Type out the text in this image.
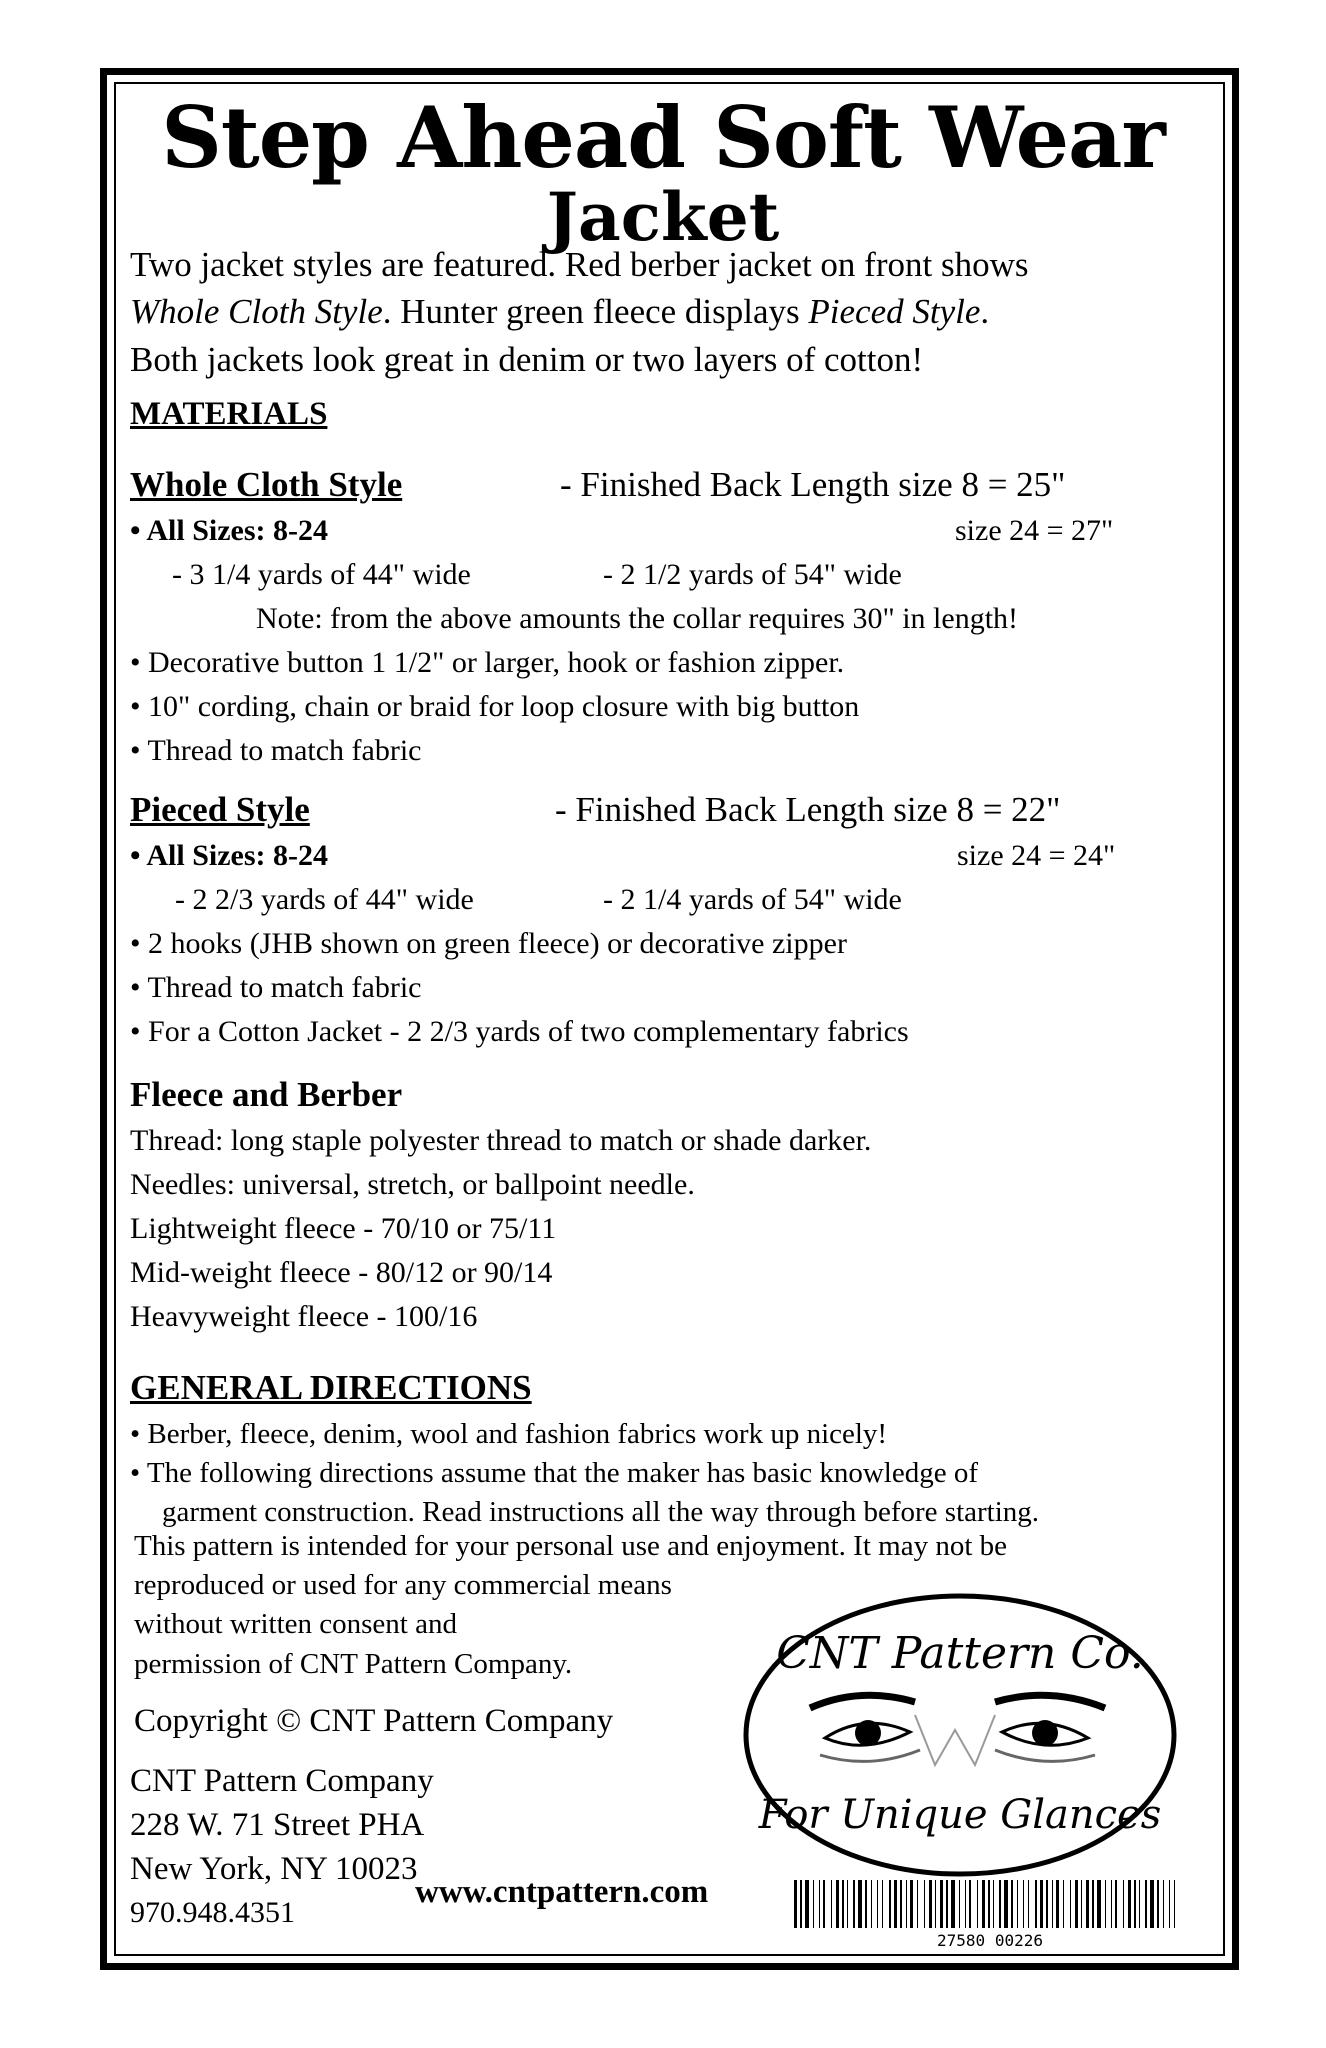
Step Ahead Soft Wear
Jacket
Two jacket styles are featured. Red berber jacket on front shows
Whole Cloth Style. Hunter green fleece displays Pieced Style.
Both jackets look great in denim or two layers of cotton!
MATERIALS
Whole Cloth Style	- Finished Back Length size 8 = 25"
• All Sizes: 8-24	size 24 = 27"
- 3 1/4 yards of 44" wide	- 2 1/2 yards of 54" wide
Note: from the above amounts the collar requires 30" in length!
• Decorative button 1 1/2" or larger, hook or fashion zipper.
• 10" cording, chain or braid for loop closure with big button
• Thread to match fabric
Pieced Style	- Finished Back Length size 8 = 22"
• All Sizes: 8-24	size 24 = 24"
- 2 2/3 yards of 44" wide	- 2 1/4 yards of 54" wide
• 2 hooks (JHB shown on green fleece) or decorative zipper
• Thread to match fabric
• For a Cotton Jacket - 2 2/3 yards of two complementary fabrics
Fleece and Berber
Thread: long staple polyester thread to match or shade darker.
Needles: universal, stretch, or ballpoint needle.
Lightweight fleece - 70/10 or 75/11
Mid-weight fleece - 80/12 or 90/14
Heavyweight fleece - 100/16
GENERAL DIRECTIONS
• Berber, fleece, denim, wool and fashion fabrics work up nicely!
• The following directions assume that the maker has basic knowledge of
garment construction. Read instructions all the way through before starting.
This pattern is intended for your personal use and enjoyment. It may not be
reproduced or used for any commercial means
without written consent and
permission of CNT Pattern Company.
Copyright © CNT Pattern Company
CNT Pattern Company
228 W. 71 Street PHA
New York, NY 10023
970.948.4351
www.cntpattern.com
CNT Pattern Co.
For Unique Glances
27580 00226
